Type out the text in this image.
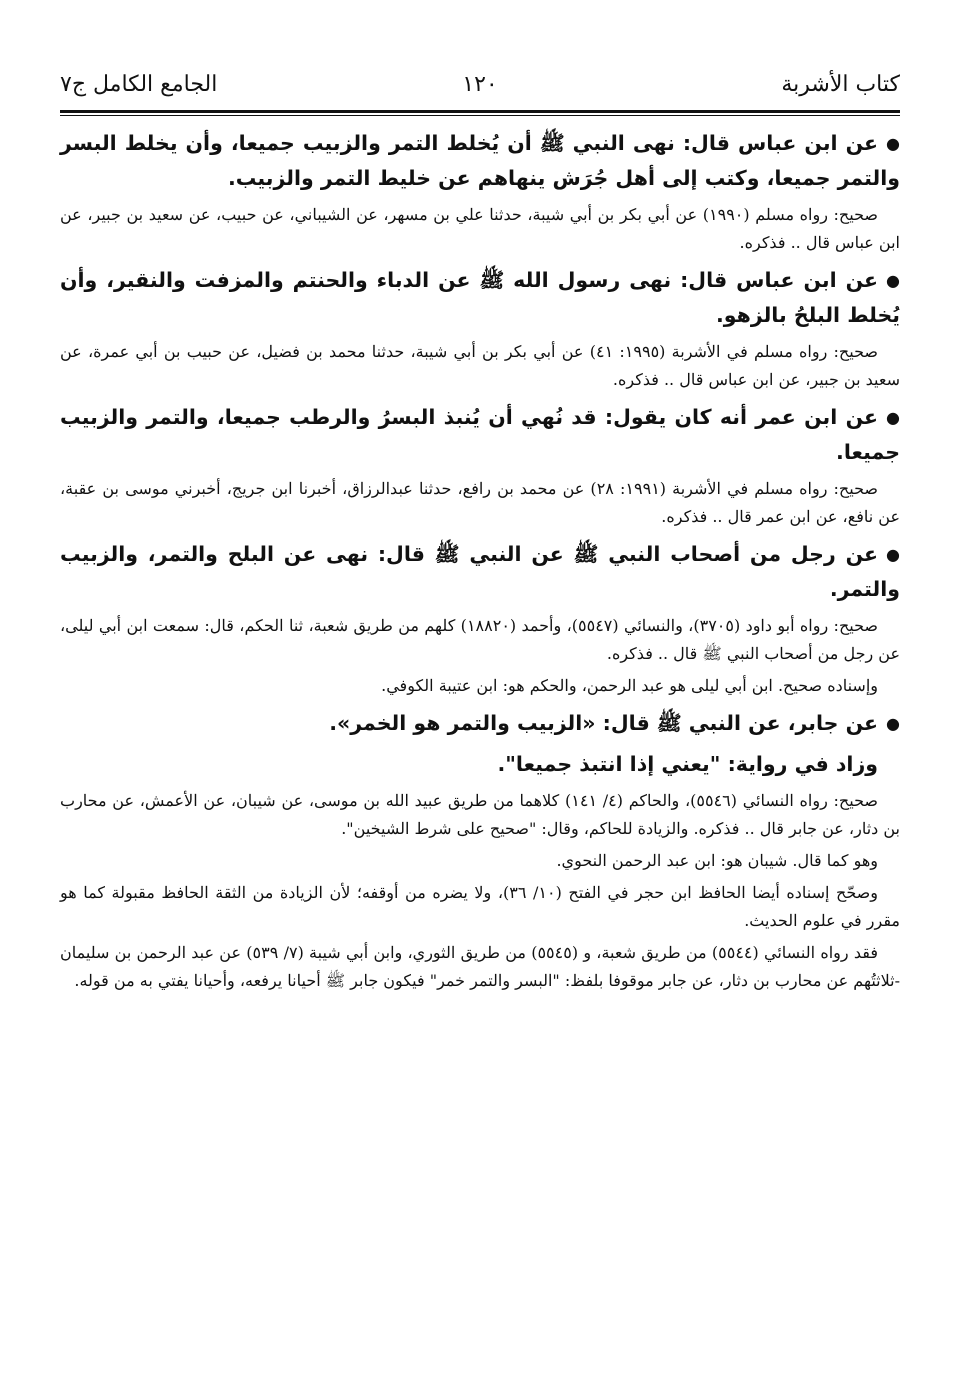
كتاب الأشربة
١٢٠
الجامع الكامل ج٧

●عن ابن عباس قال: نهى النبي ﷺ أن يُخلط التمر والزبيب جميعا، وأن يخلط البسر والتمر جميعا، وكتب إلى أهل جُرَش ينهاهم عن خليط التمر والزبيب.

صحيح: رواه مسلم (١٩٩٠) عن أبي بكر بن أبي شيبة، حدثنا علي بن مسهر، عن الشيباني، عن حبيب، عن سعيد بن جبير، عن ابن عباس قال .. فذكره.

●عن ابن عباس قال: نهى رسول الله ﷺ عن الدباء والحنتم والمزفت والنقير، وأن يُخلط البلحُ بالزهو.

صحيح: رواه مسلم في الأشربة (١٩٩٥: ٤١) عن أبي بكر بن أبي شيبة، حدثنا محمد بن فضيل، عن حبيب بن أبي عمرة، عن سعيد بن جبير، عن ابن عباس قال .. فذكره.

●عن ابن عمر أنه كان يقول: قد نُهي أن يُنبذ البسرُ والرطب جميعا، والتمر والزبيب جميعا.

صحيح: رواه مسلم في الأشربة (١٩٩١: ٢٨) عن محمد بن رافع، حدثنا عبدالرزاق، أخبرنا ابن جريج، أخبرني موسى بن عقبة، عن نافع، عن ابن عمر قال .. فذكره.

●عن رجل من أصحاب النبي ﷺ عن النبي ﷺ قال: نهى عن البلح والتمر، والزبيب والتمر.

صحيح: رواه أبو داود (٣٧٠٥)، والنسائي (٥٥٤٧)، وأحمد (١٨٨٢٠) كلهم من طريق شعبة، ثنا الحكم، قال: سمعت ابن أبي ليلى، عن رجل من أصحاب النبي ﷺ قال .. فذكره.

وإسناده صحيح. ابن أبي ليلى هو عبد الرحمن، والحكم هو: ابن عتيبة الكوفي.

●عن جابر، عن النبي ﷺ قال: «الزبيب والتمر هو الخمر».

وزاد في رواية: "يعني إذا انتبذ جميعا".

صحيح: رواه النسائي (٥٥٤٦)، والحاكم (٤/ ١٤١) كلاهما من طريق عبيد الله بن موسى، عن شيبان، عن الأعمش، عن محارب بن دثار، عن جابر قال .. فذكره. والزيادة للحاكم، وقال: "صحيح على شرط الشيخين".

وهو كما قال. شيبان هو: ابن عبد الرحمن النحوي.

وصحّح إسناده أيضا الحافظ ابن حجر في الفتح (١٠/ ٣٦)، ولا يضره من أوقفه؛ لأن الزيادة من الثقة الحافظ مقبولة كما هو مقرر في علوم الحديث.

فقد رواه النسائي (٥٥٤٤) من طريق شعبة، و (٥٥٤٥) من طريق الثوري، وابن أبي شيبة (٧/ ٥٣٩) عن عبد الرحمن بن سليمان -ثلاثتُهم عن محارب بن دثار، عن جابر موقوفا بلفظ: "البسر والتمر خمر" فيكون جابر ﷺ أحيانا يرفعه، وأحيانا يفتي به من قوله.
